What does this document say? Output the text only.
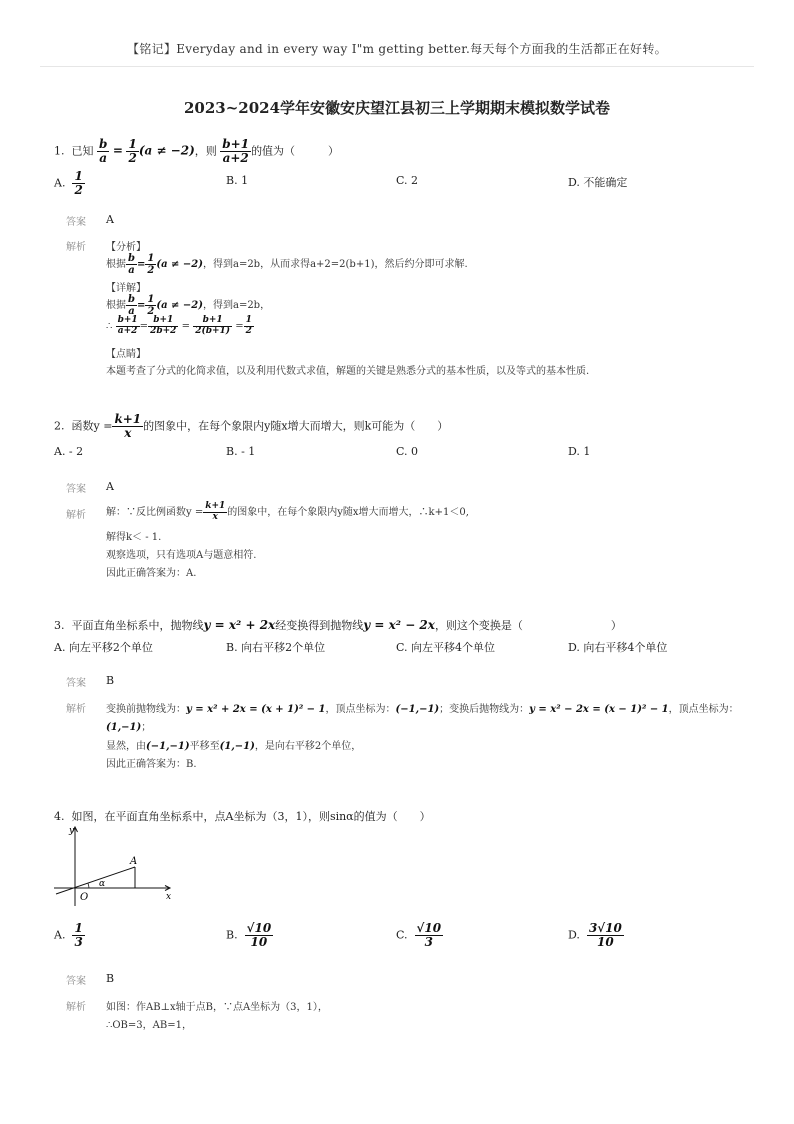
【铭记】Everyday and in every way I"m getting better.每天每个方面我的生活都正在好转。
2023~2024学年安徽安庆望江县初三上学期期末模拟数学试卷
1. 已知 $\frac{b}{a} = \frac{1}{2} (a \ne -2)$，则 $\frac{b+1}{a+2}$ 的值为（　　　）
A. $\frac{1}{2}$	B. 1	C. 2	D. 不能确定
答案 A
解析 【分析】
根据 $\frac{b}{a} = \frac{1}{2} (a \ne -2)$，得到a=2b，从而求得a+2=2(b+1)，然后约分即可求解.
【详解】
根据 $\frac{b}{a} = \frac{1}{2} (a \ne -2)$，得到a=2b，
∴ $\frac{b+1}{a+2} = \frac{b+1}{2b+2} = \frac{b+1}{2(b+1)} = \frac{1}{2}$
【点睛】
本题考查了分式的化简求值，以及利用代数式求值，解题的关键是熟悉分式的基本性质，以及等式的基本性质.
2. 函数$y = \frac{k+1}{x}$ 的图象中，在每个象限内y随x增大而增大，则k可能为（　　）
A. - 2	B. - 1	C. 0	D. 1
答案 A
解析 解：∵反比例函数$y = \frac{k+1}{x}$ 的图象中，在每个象限内y随x增大而增大，∴k+1＜0,
解得k＜ - 1.
观察选项，只有选项A与题意相符.
因此正确答案为：A.
3. 平面直角坐标系中，抛物线y = x² + 2x经变换得到抛物线y = x² − 2x，则这个变换是（　　　　　　　　）
A. 向左平移2个单位	B. 向右平移2个单位	C. 向左平移4个单位	D. 向右平移4个单位
答案 B
解析 变换前抛物线为：y = x² + 2x = (x + 1)² − 1，顶点坐标为：(−1,−1)；变换后抛物线为：y = x² − 2x = (x − 1)² − 1，顶点坐标为：
(1,−1)；
显然，由(−1,−1)平移至(1,−1)，是向右平移2个单位，
因此正确答案为：B.
4. 如图，在平面直角坐标系中，点A坐标为（3，1），则sinα的值为（　　）
y
x
O
A
α
A. $\frac{1}{3}$	B. $\frac{√10}{10}$	C. $\frac{√10}{3}$	D. $\frac{3√10}{10}$
答案 B
解析 如图：作AB⊥x轴于点B，∵点A坐标为（3，1），
∴OB=3，AB=1，
